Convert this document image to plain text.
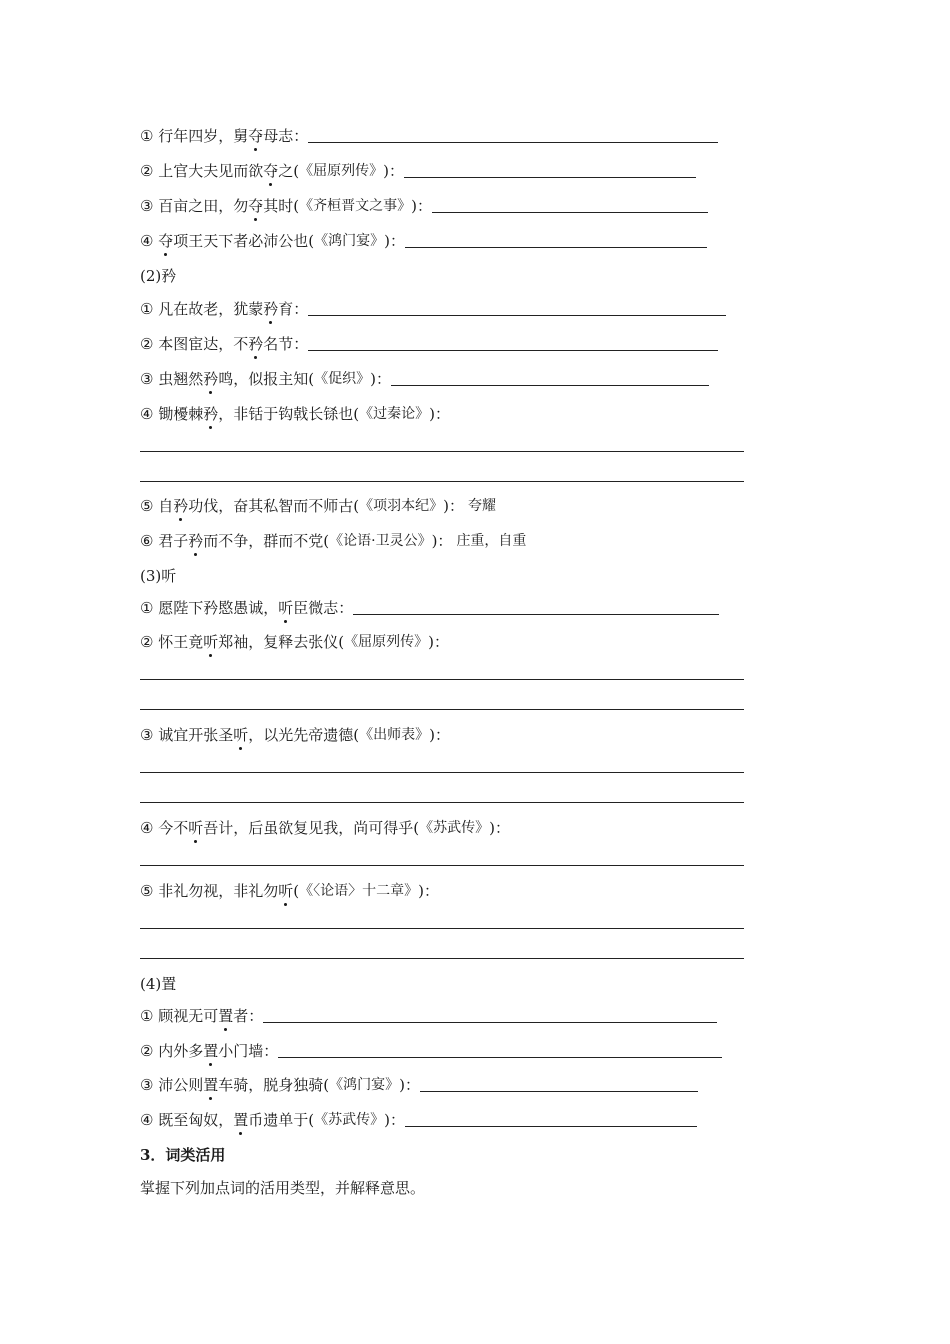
①
行年四岁，舅 夺 母志：
②
上官大夫见而欲 夺 之( 《屈原列传》 )：
③
百亩之田，勿 夺 其时( 《齐桓晋文之事》 )：
④
夺 项王天下者必沛公也( 《鸿门宴》 )：
(2)矜
①
凡在故老，犹蒙 矜 育：
②
本图宦达，不 矜 名节：
③
虫翘然 矜 鸣，似报主知( 《促织》 )：
④
锄櫌棘 矜 ，非铦于钩戟长铩也( 《过秦论》 )：
⑤
自 矜 功伐，奋其私智而不师古( 《项羽本纪》 )： 夸耀
⑥
君子 矜 而不争，群而不党( 《论语·卫灵公》 )： 庄重，自重
(3)听
①
愿陛下矜愍愚诚， 听 臣微志：
②
怀王竟 听 郑袖，复释去张仪( 《屈原列传》 )：
③
诚宜开张圣 听 ，以光先帝遗德( 《出师表》 )：
④
今不 听 吾计，后虽欲复见我，尚可得乎( 《苏武传》 )：
⑤
非礼勿视，非礼勿 听 ( 《〈论语〉十二章》 )：
(4)置
①
顾视无可 置 者：
②
内外多 置 小门墙：
③
沛公则 置 车骑，脱身独骑( 《鸿门宴》 )：
④
既至匈奴， 置 币遗单于( 《苏武传》 )：
3．词类活用
掌握下列加点词的活用类型，并解释意思。
